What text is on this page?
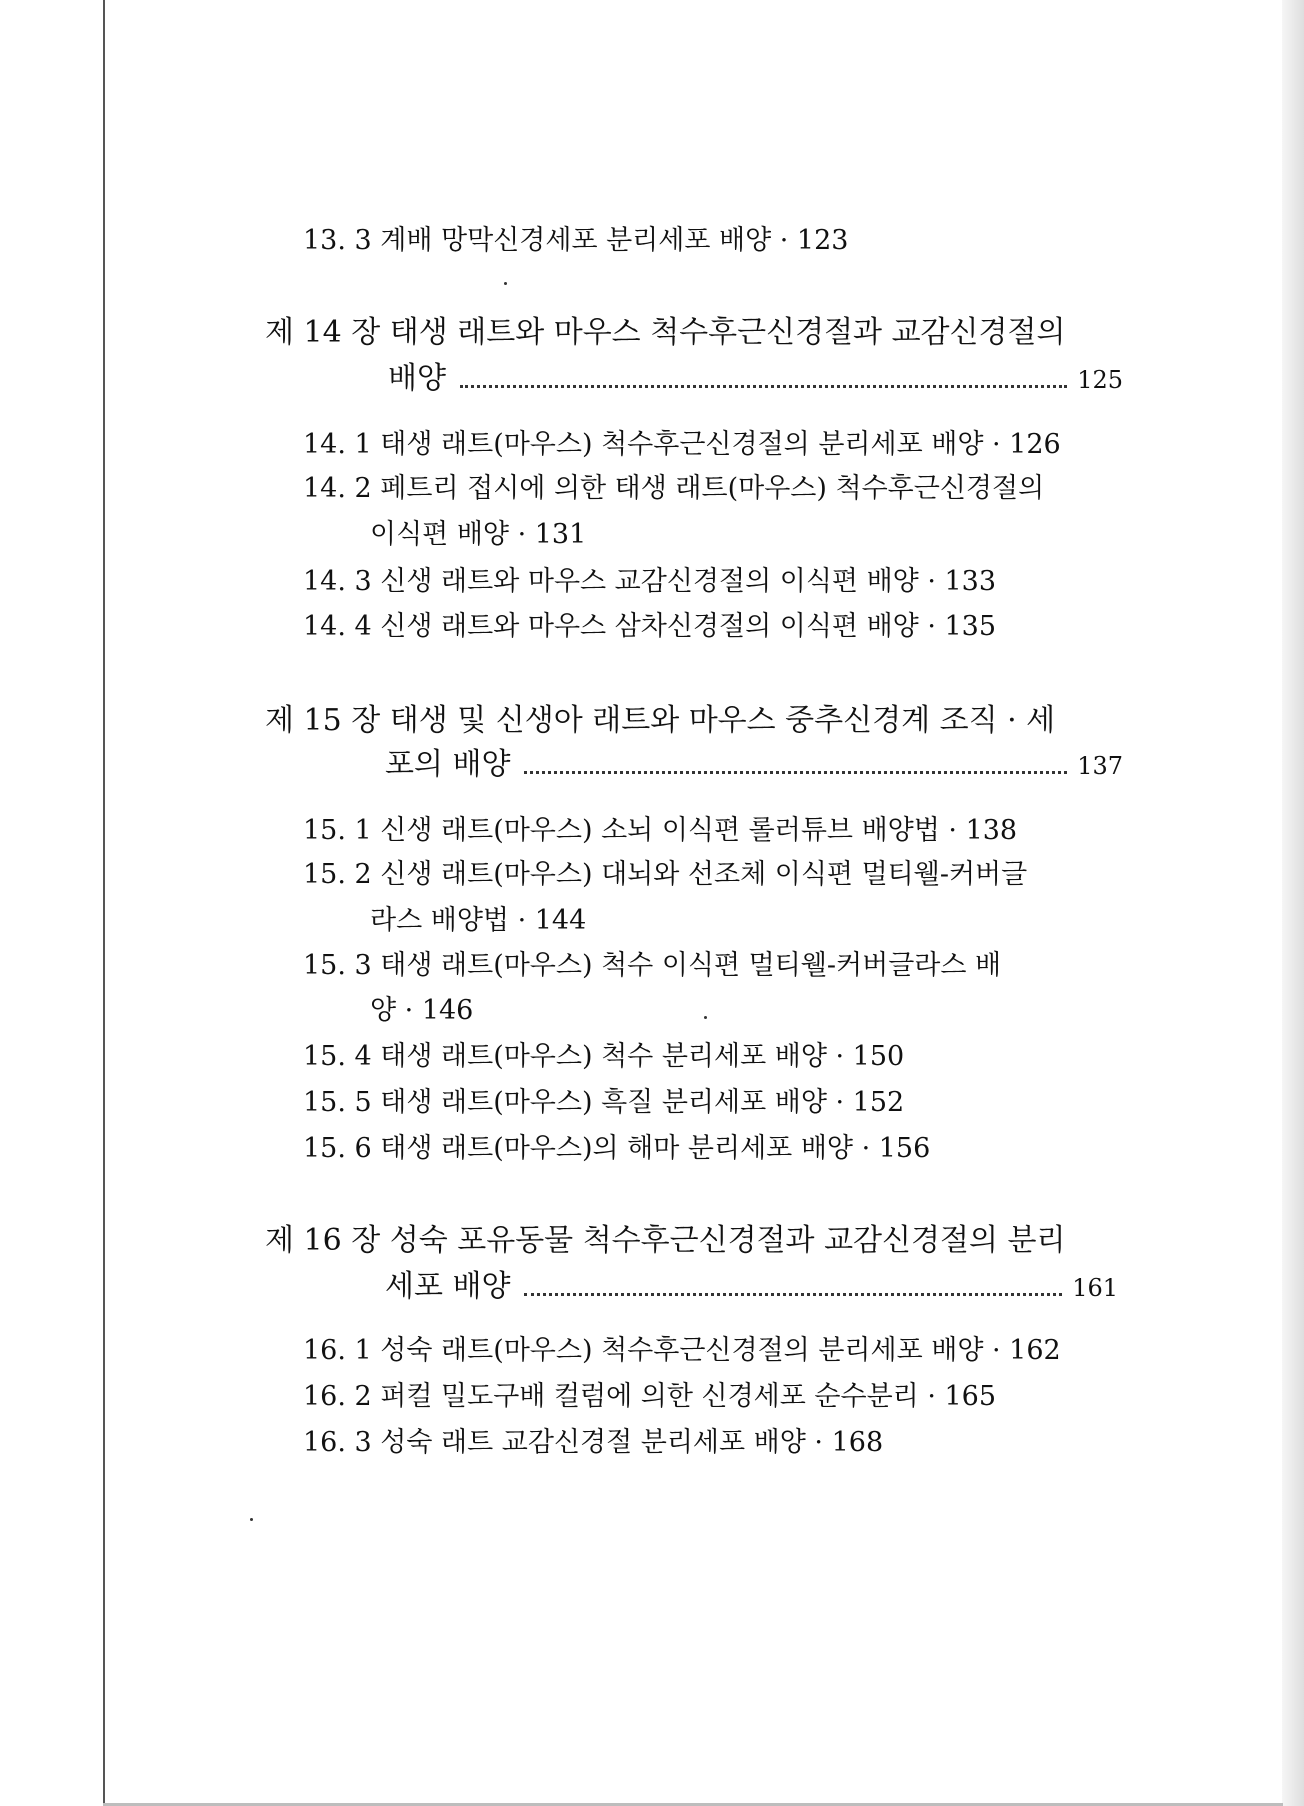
13. 3 계배 망막신경세포 분리세포 배양 · 123
제 14 장 태생 래트와 마우스 척수후근신경절과 교감신경절의
배양	125
14. 1 태생 래트(마우스) 척수후근신경절의 분리세포 배양 · 126
14. 2 페트리 접시에 의한 태생 래트(마우스) 척수후근신경절의
이식편 배양 · 131
14. 3 신생 래트와 마우스 교감신경절의 이식편 배양 · 133
14. 4 신생 래트와 마우스 삼차신경절의 이식편 배양 · 135
제 15 장 태생 및 신생아 래트와 마우스 중추신경계 조직 · 세
포의 배양	137
15. 1 신생 래트(마우스) 소뇌 이식편 롤러튜브 배양법 · 138
15. 2 신생 래트(마우스) 대뇌와 선조체 이식편 멀티웰-커버글
라스 배양법 · 144
15. 3 태생 래트(마우스) 척수 이식편 멀티웰-커버글라스 배
양 · 146
15. 4 태생 래트(마우스) 척수 분리세포 배양 · 150
15. 5 태생 래트(마우스) 흑질 분리세포 배양 · 152
15. 6 태생 래트(마우스)의 해마 분리세포 배양 · 156
제 16 장 성숙 포유동물 척수후근신경절과 교감신경절의 분리
세포 배양	161
16. 1 성숙 래트(마우스) 척수후근신경절의 분리세포 배양 · 162
16. 2 퍼컬 밀도구배 컬럼에 의한 신경세포 순수분리 · 165
16. 3 성숙 래트 교감신경절 분리세포 배양 · 168
